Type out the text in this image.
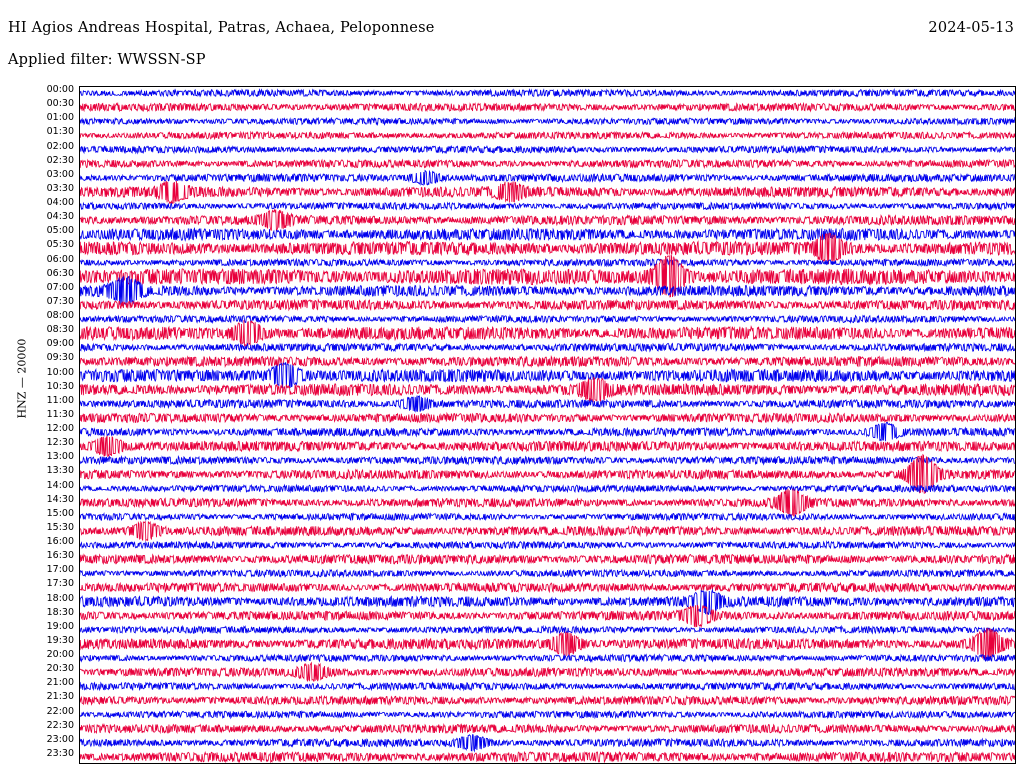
HI Agios Andreas Hospital, Patras, Achaea, Peloponnese	2024-05-13
Applied filter: WWSSN-SP
HNZ — 20000
00:00
00:30
01:00
01:30
02:00
02:30
03:00
03:30
04:00
04:30
05:00
05:30
06:00
06:30
07:00
07:30
08:00
08:30
09:00
09:30
10:00
10:30
11:00
11:30
12:00
12:30
13:00
13:30
14:00
14:30
15:00
15:30
16:00
16:30
17:00
17:30
18:00
18:30
19:00
19:30
20:00
20:30
21:00
21:30
22:00
22:30
23:00
23:30
